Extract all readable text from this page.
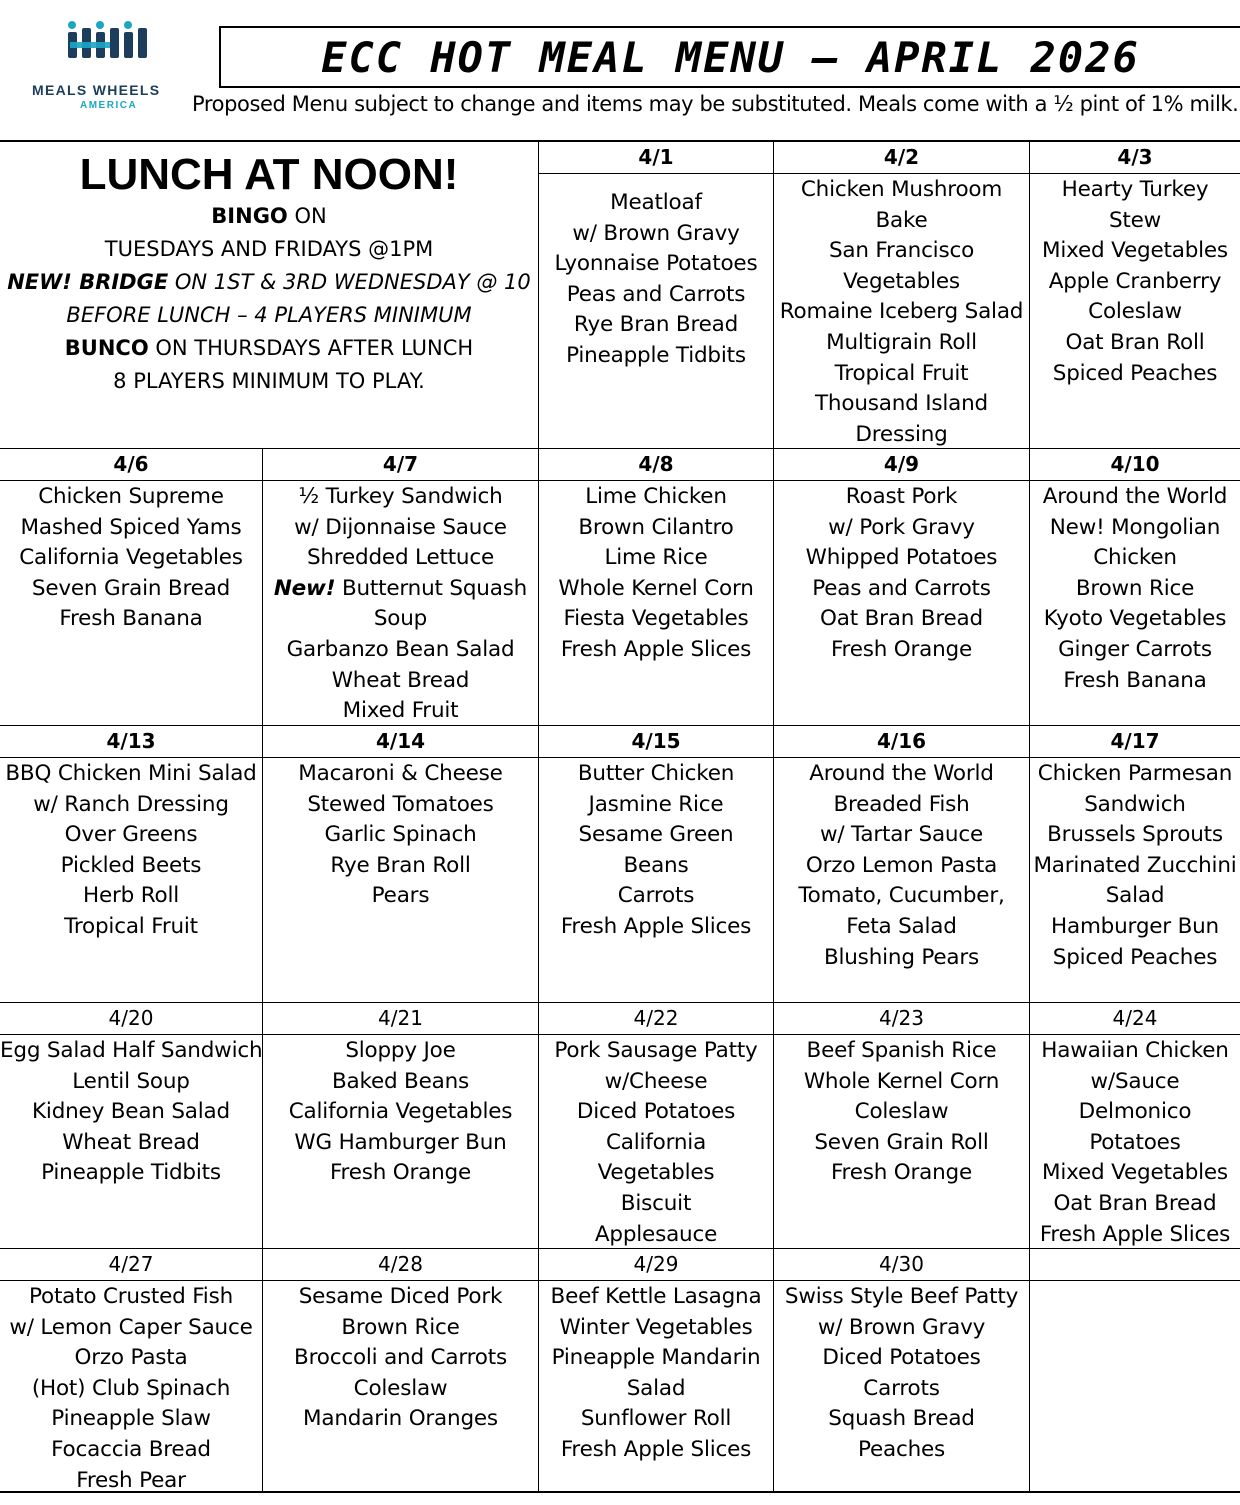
MEALS WHEELS
AMERICA
ECC HOT MEAL MENU – APRIL 2026
Proposed Menu subject to change and items may be substituted. Meals come with a ½ pint of 1% milk.
LUNCH AT NOON!
BINGO ON
TUESDAYS AND FRIDAYS @1PM
NEW! BRIDGE ON 1ST & 3RD WEDNESDAY @ 10
BEFORE LUNCH – 4 PLAYERS MINIMUM
BUNCO ON THURSDAYS AFTER LUNCH
8 PLAYERS MINIMUM TO PLAY.
4/1
Meatloaf
w/ Brown Gravy
Lyonnaise Potatoes
Peas and Carrots
Rye Bran Bread
Pineapple Tidbits
4/2
Chicken Mushroom
Bake
San Francisco
Vegetables
Romaine Iceberg Salad
Multigrain Roll
Tropical Fruit
Thousand Island
Dressing
4/3
Hearty Turkey
Stew
Mixed Vegetables
Apple Cranberry
Coleslaw
Oat Bran Roll
Spiced Peaches
4/6
Chicken Supreme
Mashed Spiced Yams
California Vegetables
Seven Grain Bread
Fresh Banana
4/7
½ Turkey Sandwich
w/ Dijonnaise Sauce
Shredded Lettuce
New! Butternut Squash
Soup
Garbanzo Bean Salad
Wheat Bread
Mixed Fruit
4/8
Lime Chicken
Brown Cilantro
Lime Rice
Whole Kernel Corn
Fiesta Vegetables
Fresh Apple Slices
4/9
Roast Pork
w/ Pork Gravy
Whipped Potatoes
Peas and Carrots
Oat Bran Bread
Fresh Orange
4/10
Around the World
New! Mongolian
Chicken
Brown Rice
Kyoto Vegetables
Ginger Carrots
Fresh Banana
4/13
BBQ Chicken Mini Salad
w/ Ranch Dressing
Over Greens
Pickled Beets
Herb Roll
Tropical Fruit
4/14
Macaroni & Cheese
Stewed Tomatoes
Garlic Spinach
Rye Bran Roll
Pears
4/15
Butter Chicken
Jasmine Rice
Sesame Green
Beans
Carrots
Fresh Apple Slices
4/16
Around the World
Breaded Fish
w/ Tartar Sauce
Orzo Lemon Pasta
Tomato, Cucumber,
Feta Salad
Blushing Pears
4/17
Chicken Parmesan
Sandwich
Brussels Sprouts
Marinated Zucchini
Salad
Hamburger Bun
Spiced Peaches
4/20
Egg Salad Half Sandwich
Lentil Soup
Kidney Bean Salad
Wheat Bread
Pineapple Tidbits
4/21
Sloppy Joe
Baked Beans
California Vegetables
WG Hamburger Bun
Fresh Orange
4/22
Pork Sausage Patty
w/Cheese
Diced Potatoes
California
Vegetables
Biscuit
Applesauce
4/23
Beef Spanish Rice
Whole Kernel Corn
Coleslaw
Seven Grain Roll
Fresh Orange
4/24
Hawaiian Chicken
w/Sauce
Delmonico
Potatoes
Mixed Vegetables
Oat Bran Bread
Fresh Apple Slices
4/27
Potato Crusted Fish
w/ Lemon Caper Sauce
Orzo Pasta
(Hot) Club Spinach
Pineapple Slaw
Focaccia Bread
Fresh Pear
4/28
Sesame Diced Pork
Brown Rice
Broccoli and Carrots
Coleslaw
Mandarin Oranges
4/29
Beef Kettle Lasagna
Winter Vegetables
Pineapple Mandarin
Salad
Sunflower Roll
Fresh Apple Slices
4/30
Swiss Style Beef Patty
w/ Brown Gravy
Diced Potatoes
Carrots
Squash Bread
Peaches
